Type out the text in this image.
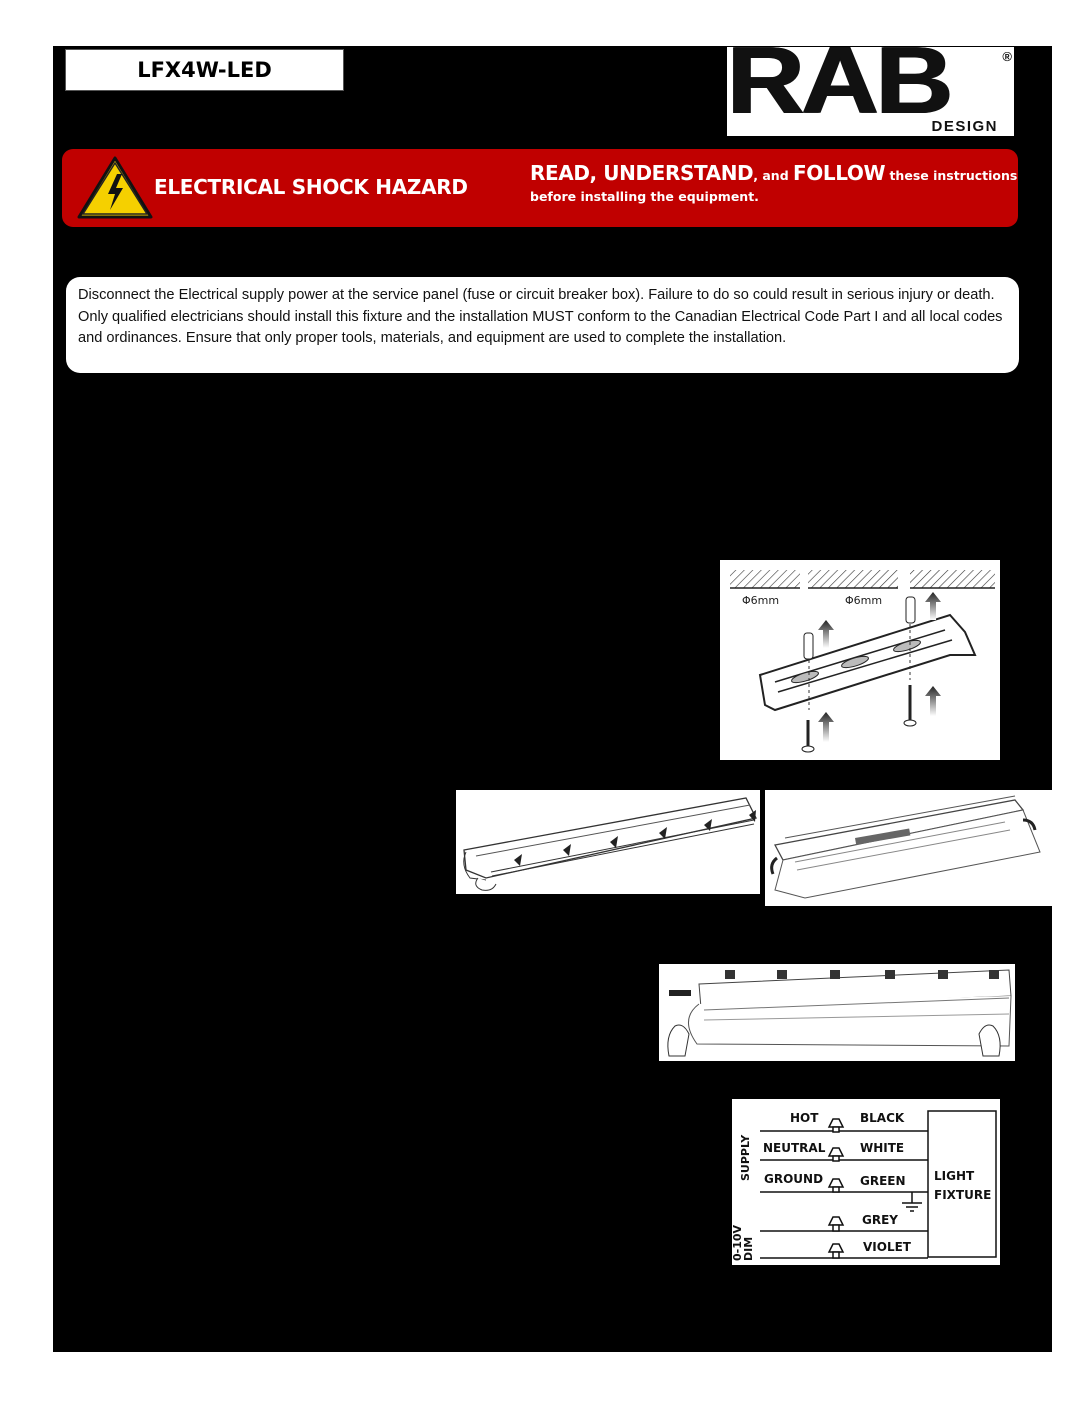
LFX4W-LED	RAB	®
DESIGN
ELECTRICAL SHOCK HAZARD
READ, UNDERSTAND, and FOLLOW these instructions
before installing the equipment.
Disconnect the Electrical supply power at the service panel (fuse or circuit breaker box). Failure to do so could result in serious injury or death. Only qualified electricians should install this fixture and the installation MUST conform to the Canadian Electrical Code Part I and all local codes and ordinances. Ensure that only proper tools, materials, and equipment are used to complete the installation.
Φ6mm	Φ6mm
HOT	BLACK
NEUTRAL	WHITE
GROUND	GREEN
GREY
VIOLET
LIGHT
FIXTURE
SUPPLY
0-10V DIM
